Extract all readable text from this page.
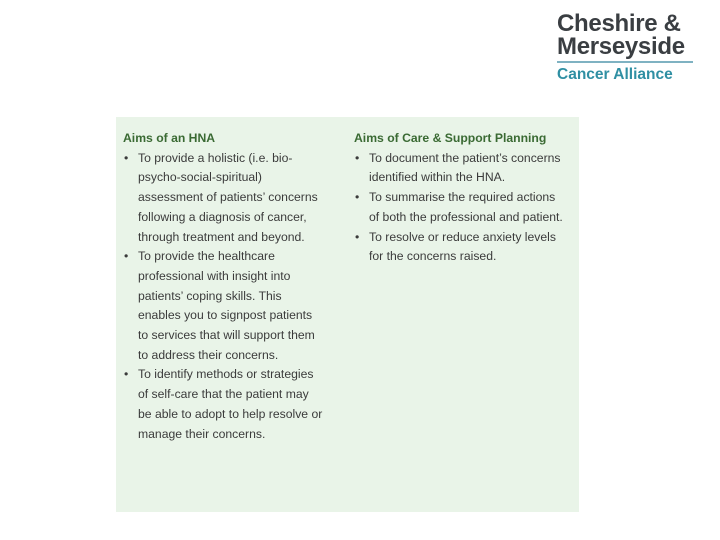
Cheshire &
Merseyside
Cancer Alliance

Aims of an HNA

• To provide a holistic (i.e. bio-psycho-social-spiritual) assessment of patients’ concerns following a diagnosis of cancer, through treatment and beyond.
• To provide the healthcare professional with insight into patients’ coping skills. This enables you to signpost patients to services that will support them to address their concerns.
• To identify methods or strategies of self-care that the patient may be able to adopt to help resolve or manage their concerns.

Aims of Care & Support Planning

• To document the patient’s concerns identified within the HNA.
• To summarise the required actions of both the professional and patient.
• To resolve or reduce anxiety levels for the concerns raised.
